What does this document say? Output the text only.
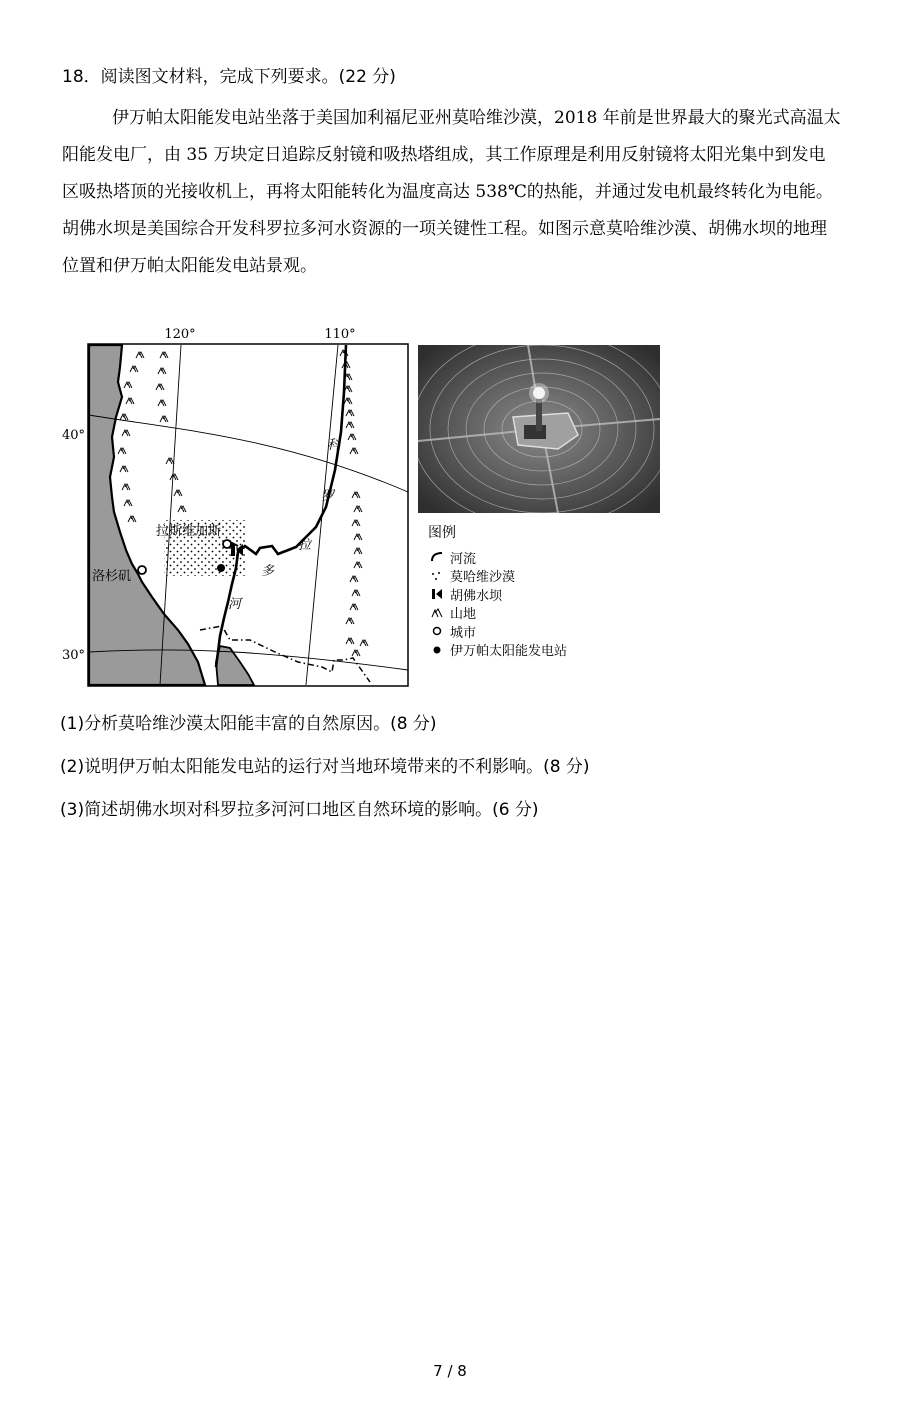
18．阅读图文材料，完成下列要求。(22 分)
伊万帕太阳能发电站坐落于美国加利福尼亚州莫哈维沙漠，2018 年前是世界最大的聚光式高温太阳能发电厂，由 35 万块定日追踪反射镜和吸热塔组成，其工作原理是利用反射镜将太阳光集中到发电区吸热塔顶的光接收机上，再将太阳能转化为温度高达 538℃的热能，并通过发电机最终转化为电能。胡佛水坝是美国综合开发科罗拉多河水资源的一项关键性工程。如图示意莫哈维沙漠、胡佛水坝的地理位置和伊万帕太阳能发电站景观。
120°	110°
40°
30°
拉斯维加斯
洛杉矶
科
罗
拉
多
河
图例
河流
莫哈维沙漠
胡佛水坝
山地
城市
伊万帕太阳能发电站
(1)分析莫哈维沙漠太阳能丰富的自然原因。(8 分)
(2)说明伊万帕太阳能发电站的运行对当地环境带来的不利影响。(8 分)
(3)简述胡佛水坝对科罗拉多河河口地区自然环境的影响。(6 分)
7 / 8
